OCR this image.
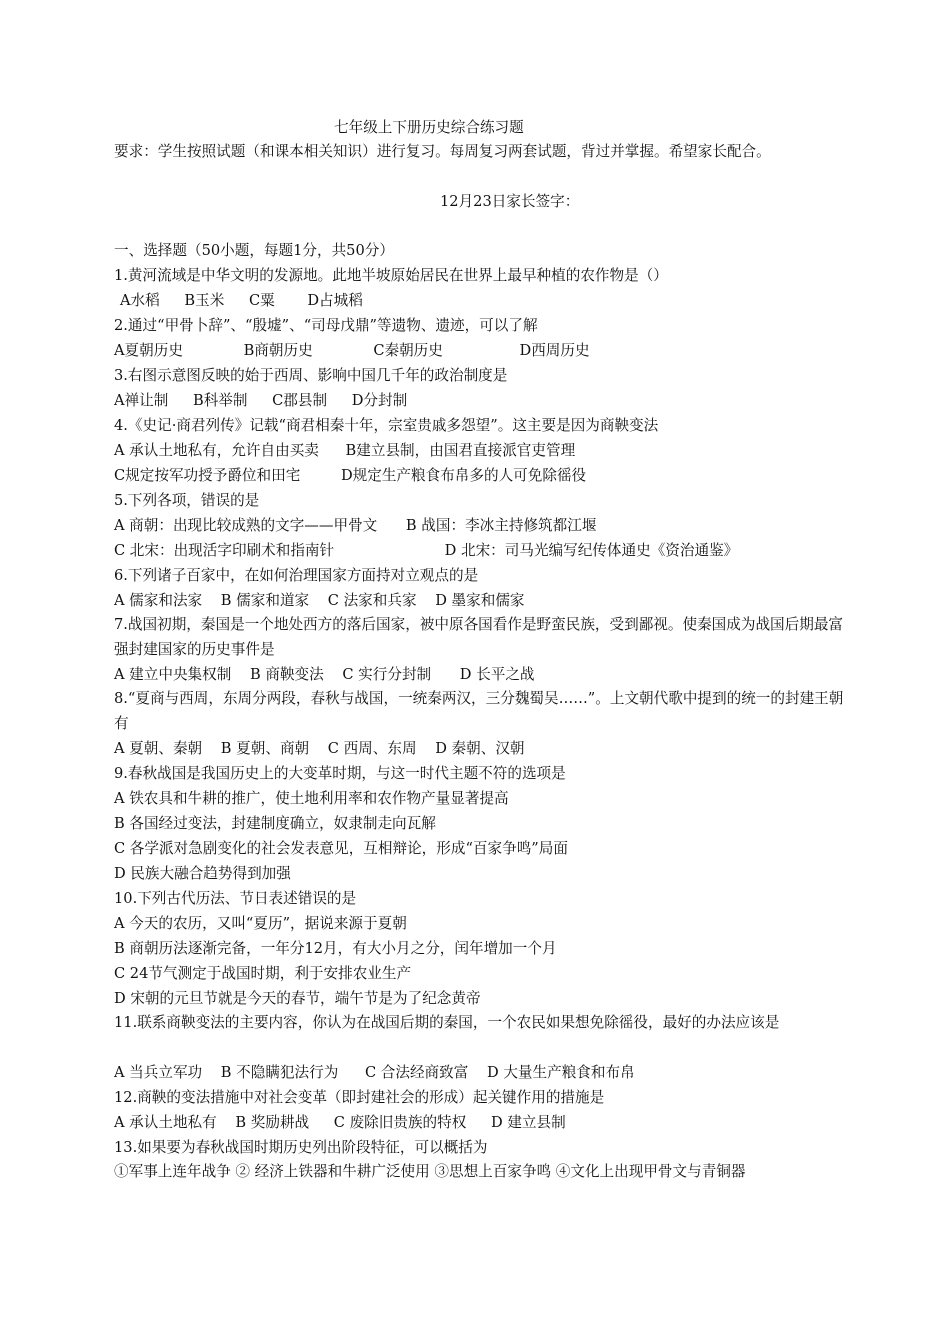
七年级上下册历史综合练习题
要求：学生按照试题（和课本相关知识）进行复习。每周复习两套试题，背过并掌握。希望家长配合。
12月23日家长签字：
一、选择题（50小题，每题1分，共50分）
1.黄河流域是中华文明的发源地。此地半坡原始居民在世界上最早种植的农作物是（）
A水稻 B玉米 C粟 D占城稻
2.通过“甲骨卜辞”、“殷墟”、“司母戊鼎”等遗物、遗迹，可以了解
A夏朝历史	B商朝历史	C秦朝历史	D西周历史
3.右图示意图反映的始于西周、影响中国几千年的政治制度是
A禅让制 B科举制 C郡县制 D分封制
4.《史记·商君列传》记载“商君相秦十年，宗室贵戚多怨望”。这主要是因为商鞅变法
A 承认土地私有，允许自由买卖 B建立县制，由国君直接派官吏管理
C规定按军功授予爵位和田宅	D规定生产粮食布帛多的人可免除徭役
5.下列各项，错误的是
A 商朝：出现比较成熟的文字——甲骨文 B 战国：李冰主持修筑都江堰
C 北宋：出现活字印刷术和指南针	D 北宋：司马光编写纪传体通史《资治通鉴》
6.下列诸子百家中，在如何治理国家方面持对立观点的是
A 儒家和法家 B 儒家和道家 C 法家和兵家 D 墨家和儒家
7.战国初期，秦国是一个地处西方的落后国家，被中原各国看作是野蛮民族，受到鄙视。使秦国成为战国后期最富强封建国家的历史事件是
A 建立中央集权制 B 商鞅变法 C 实行分封制 D 长平之战
8.“夏商与西周，东周分两段，春秋与战国，一统秦两汉，三分魏蜀吴……”。上文朝代歌中提到的统一的封建王朝有
A 夏朝、秦朝 B 夏朝、商朝 C 西周、东周 D 秦朝、汉朝
9.春秋战国是我国历史上的大变革时期，与这一时代主题不符的选项是
A 铁农具和牛耕的推广，使土地利用率和农作物产量显著提高
B 各国经过变法，封建制度确立，奴隶制走向瓦解
C 各学派对急剧变化的社会发表意见，互相辩论，形成“百家争鸣”局面
D 民族大融合趋势得到加强
10.下列古代历法、节日表述错误的是
A 今天的农历，又叫“夏历”，据说来源于夏朝
B 商朝历法逐渐完备，一年分12月，有大小月之分，闰年增加一个月
C 24节气测定于战国时期，利于安排农业生产
D 宋朝的元旦节就是今天的春节，端午节是为了纪念黄帝
11.联系商鞅变法的主要内容，你认为在战国后期的秦国，一个农民如果想免除徭役，最好的办法应该是
A 当兵立军功 B 不隐瞒犯法行为 C 合法经商致富 D 大量生产粮食和布帛
12.商鞅的变法措施中对社会变革（即封建社会的形成）起关键作用的措施是
A 承认土地私有 B 奖励耕战 C 废除旧贵族的特权 D 建立县制
13.如果要为春秋战国时期历史列出阶段特征，可以概括为
①军事上连年战争 ② 经济上铁器和牛耕广泛使用 ③思想上百家争鸣 ④文化上出现甲骨文与青铜器
